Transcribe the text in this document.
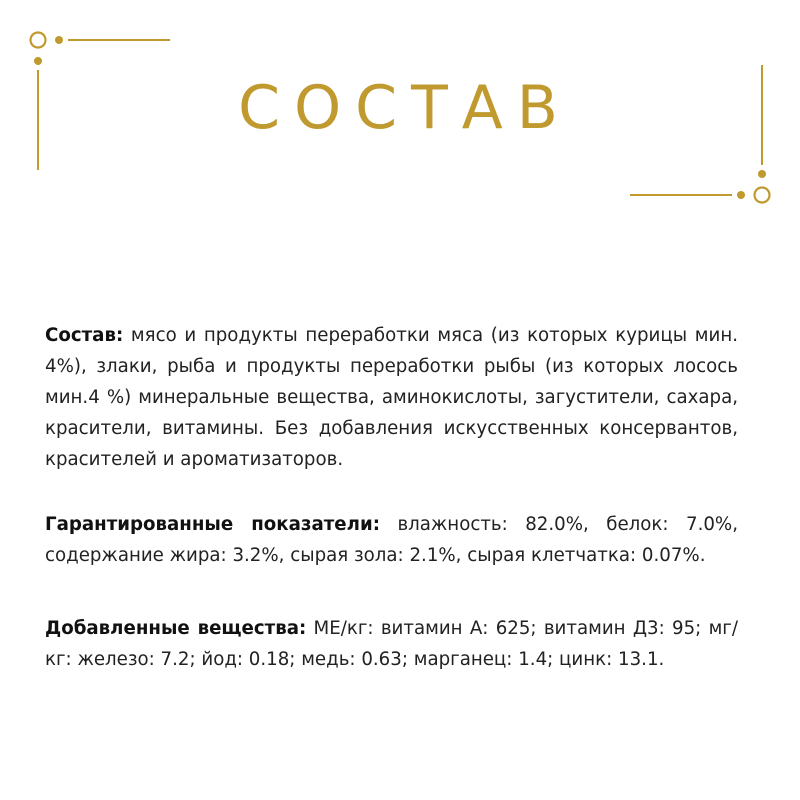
СОСТАВ

Состав: мясо и продукты переработки мяса (из которых курицы мин. 4%), злаки, рыба и продукты переработки рыбы (из которых лосось мин.4 %) минеральные вещества, аминокислоты, загустители, сахара, красители, витамины. Без добавления искусственных консервантов, красителей и ароматизаторов.

Гарантированные показатели: влажность: 82.0%, белок: 7.0%, содержание жира: 3.2%, сырая зола: 2.1%, сырая клетчатка: 0.07%.

Добавленные вещества: МЕ/кг: витамин А: 625; витамин Д3: 95; мг/кг: железо: 7.2; йод: 0.18; медь: 0.63; марганец: 1.4; цинк: 13.1.
